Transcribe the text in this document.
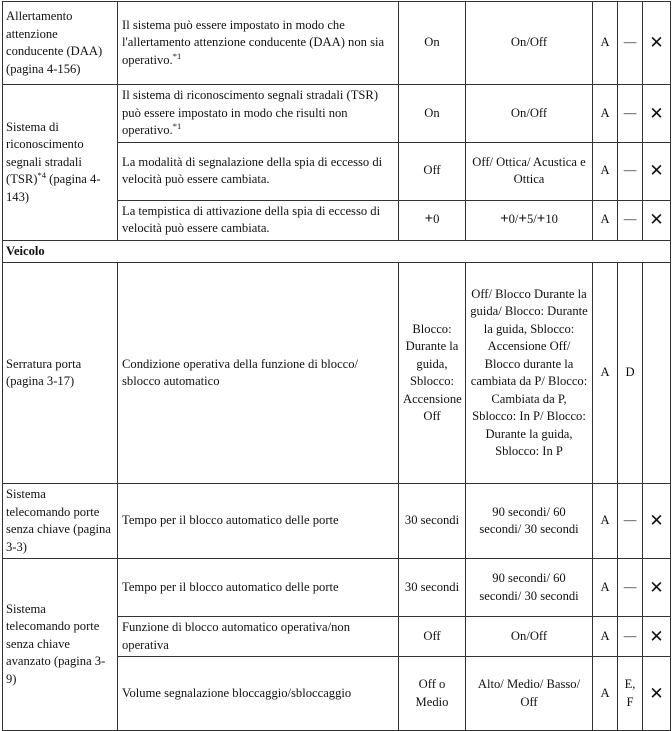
Allertamento attenzione conducente (DAA) (pagina 4-156)	Il sistema può essere impostato in modo che l'allertamento attenzione conducente (DAA) non sia operativo.$^{*1}$	On	On/Off	A	—	✕
Sistema di riconoscimento segnali stradali (TSR)$^{*4}$ (pagina 4-143)	Il sistema di riconoscimento segnali stradali (TSR) può essere impostato in modo che risulti non operativo.$^{*1}$	On	On/Off	A	—	✕
	La modalità di segnalazione della spia di eccesso di velocità può essere cambiata.	Off	Off/ Ottica/ Acustica e Ottica	A	—	✕
	La tempistica di attivazione della spia di eccesso di velocità può essere cambiata.	+0	+0/+5/+10	A	—	✕
Veicolo						
Serratura porta (pagina 3-17)	Condizione operativa della funzione di blocco/ sblocco automatico	Blocco: Durante la guida, Sblocco: Accensione Off	Off/ Blocco Durante la guida/ Blocco: Durante la guida, Sblocco: Accensione Off/ Blocco durante la cambiata da P/ Blocco: Cambiata da P, Sblocco: In P/ Blocco: Durante la guida, Sblocco: In P	A	D	
Sistema telecomando porte senza chiave (pagina 3-3)	Tempo per il blocco automatico delle porte	30 secondi	90 secondi/ 60 secondi/ 30 secondi	A	—	✕
Sistema telecomando porte senza chiave avanzato (pagina 3-9)	Tempo per il blocco automatico delle porte	30 secondi	90 secondi/ 60 secondi/ 30 secondi	A	—	✕
	Funzione di blocco automatico operativa/non operativa	Off	On/Off	A	—	✕
	Volume segnalazione bloccaggio/sbloccaggio	Off o Medio	Alto/ Medio/ Basso/ Off	A	E, F	✕
